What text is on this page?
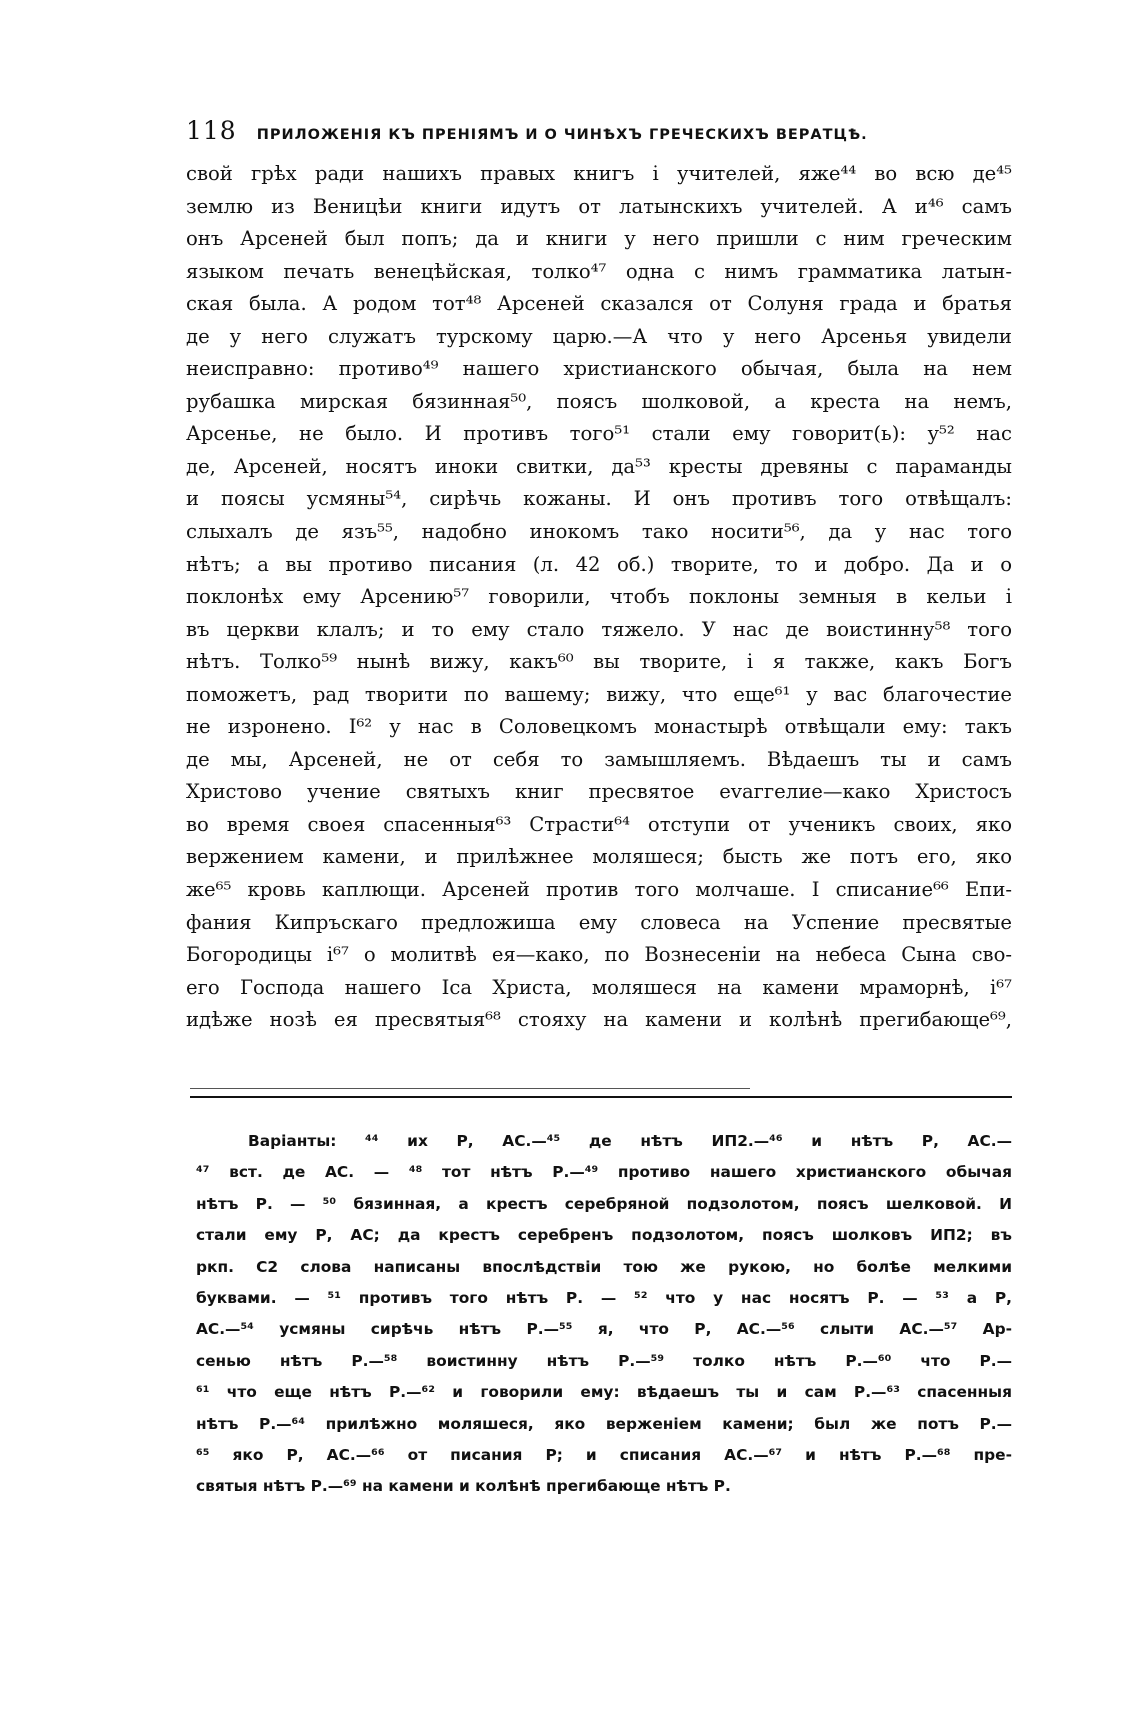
118 ПРИЛОЖЕНІЯ КЪ ПРЕНІЯМЪ И О ЧИНѢХЪ ГРЕЧЕСКИХЪ ВЕРАТЦѢ.
свой грѣх ради нашихъ правых книгъ і учителей, яже⁴⁴ во всю де⁴⁵
землю из Веницѣи книги идутъ от латынскихъ учителей. А и⁴⁶ самъ
онъ Арсеней был попъ; да и книги у него пришли с ним греческим
языком печать венецѣйская, толко⁴⁷ одна с нимъ грамматика латын-
ская была. А родом тот⁴⁸ Арсеней сказался от Солуня града и братья
де у него служатъ турскому царю.—А что у него Арсенья увидели
неисправно: противо⁴⁹ нашего христианского обычая, была на нем
рубашка мирская бязинная⁵⁰, поясъ шолковой, а креста на немъ,
Арсенье, не было. И противъ того⁵¹ стали ему говорит(ь): у⁵² нас
де, Арсеней, носятъ иноки свитки, да⁵³ кресты древяны с параманды
и поясы усмяны⁵⁴, сирѣчь кожаны. И онъ противъ того отвѣщалъ:
слыхалъ де язъ⁵⁵, надобно инокомъ тако носити⁵⁶, да у нас того
нѣтъ; а вы противо писания (л. 42 об.) творите, то и добро. Да и о
поклонѣх ему Арсению⁵⁷ говорили, чтобъ поклоны земныя в кельи і
въ церкви клалъ; и то ему стало тяжело. У нас де воистинну⁵⁸ того
нѣтъ. Толко⁵⁹ нынѣ вижу, какъ⁶⁰ вы творите, і я также, какъ Богъ
поможетъ, рад творити по вашему; вижу, что еще⁶¹ у вас благочестие
не изронено. І⁶² у нас в Соловецкомъ монастырѣ отвѣщали ему: такъ
де мы, Арсеней, не от себя то замышляемъ. Вѣдаешъ ты и самъ
Христово учение святыхъ книг пресвятое еvаггелие—како Христосъ
во время своея спасенныя⁶³ Страсти⁶⁴ отступи от ученикъ своих, яко
вержением камени, и прилѣжнее моляшеся; бысть же потъ его, яко
же⁶⁵ кровь каплющи. Арсеней против того молчаше. І списание⁶⁶ Епи-
фания Кипръскаго предложиша ему словеса на Успение пресвятые
Богородицы і⁶⁷ о молитвѣ ея—како, по Вознесеніи на небеса Сына сво-
его Господа нашего Іса Христа, моляшеся на камени мраморнѣ, і⁶⁷
идѣже нозѣ ея пресвятыя⁶⁸ стояху на камени и колѣнѣ прегибающе⁶⁹,
Варіанты: ⁴⁴ их Р, АС.—⁴⁵ де нѣтъ ИП2.—⁴⁶ и нѣтъ Р, АС.—
⁴⁷ вст. де АС. — ⁴⁸ тот нѣтъ Р.—⁴⁹ противо нашего христианского обычая
нѣтъ Р. — ⁵⁰ бязинная, а крестъ серебряной подзолотом, поясъ шелковой. И
стали ему Р, АС; да крестъ серебренъ подзолотом, поясъ шолковъ ИП2; въ
ркп. С2 слова написаны впослѣдствіи тою же рукою, но болѣе мелкими
буквами. — ⁵¹ противъ того нѣтъ Р. — ⁵² что у нас носятъ Р. — ⁵³ а Р,
АС.—⁵⁴ усмяны сирѣчь нѣтъ Р.—⁵⁵ я, что Р, АС.—⁵⁶ слыти АС.—⁵⁷ Ар-
сенью нѣтъ Р.—⁵⁸ воистинну нѣтъ Р.—⁵⁹ толко нѣтъ Р.—⁶⁰ что Р.—
⁶¹ что еще нѣтъ Р.—⁶² и говорили ему: вѣдаешъ ты и сам Р.—⁶³ спасенныя
нѣтъ Р.—⁶⁴ прилѣжно моляшеся, яко верженіем камени; был же потъ Р.—
⁶⁵ яко Р, АС.—⁶⁶ от писания Р; и списания АС.—⁶⁷ и нѣтъ Р.—⁶⁸ пре-
святыя нѣтъ Р.—⁶⁹ на камени и колѣнѣ прегибающе нѣтъ Р.
